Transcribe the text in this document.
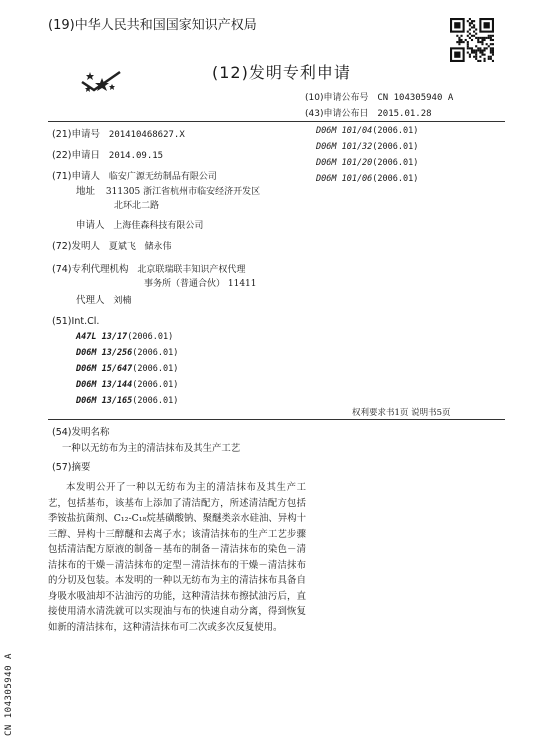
(19)中华人民共和国国家知识产权局
(12)发明专利申请
(10)申请公布号 CN 104305940 A
(43)申请公布日 2015.01.28
(21)申请号 201410468627.X
(22)申请日 2014.09.15
(71)申请人 临安广源无纺制品有限公司
地址 311305 浙江省杭州市临安经济开发区
北环北二路
申请人 上海佳森科技有限公司
(72)发明人 夏斌飞   储永伟
(74)专利代理机构 北京联瑞联丰知识产权代理
事务所（普通合伙） 11411
代理人 刘楠
(51)Int.Cl.
A47L 13/17(2006.01)
D06M 13/256(2006.01)
D06M 15/647(2006.01)
D06M 13/144(2006.01)
D06M 13/165(2006.01)
D06M 101/04(2006.01)
D06M 101/32(2006.01)
D06M 101/20(2006.01)
D06M 101/06(2006.01)
权利要求书1页 说明书5页
(54)发明名称
一种以无纺布为主的清洁抹布及其生产工艺
(57)摘要
本发明公开了一种以无纺布为主的清洁抹布及其生产工艺，包括基布，该基布上添加了清洁配方，所述清洁配方包括季铵盐抗菌剂、C₁₂-C₁₈烷基磺酸钠、聚醚类亲水硅油、异构十三醇、异构十三醇醚和去离子水；该清洁抹布的生产工艺步骤包括清洁配方原液的制备－基布的制备－清洁抹布的染色－清洁抹布的干燥－清洁抹布的定型－清洁抹布的干燥－清洁抹布的分切及包装。本发明的一种以无纺布为主的清洁抹布具备自身吸水吸油却不沾油污的功能，这种清洁抹布擦拭油污后，直接使用清水清洗就可以实现油与布的快速自动分离，得到恢复如新的清洁抹布，这种清洁抹布可二次或多次反复使用。
CN 104305940 A
